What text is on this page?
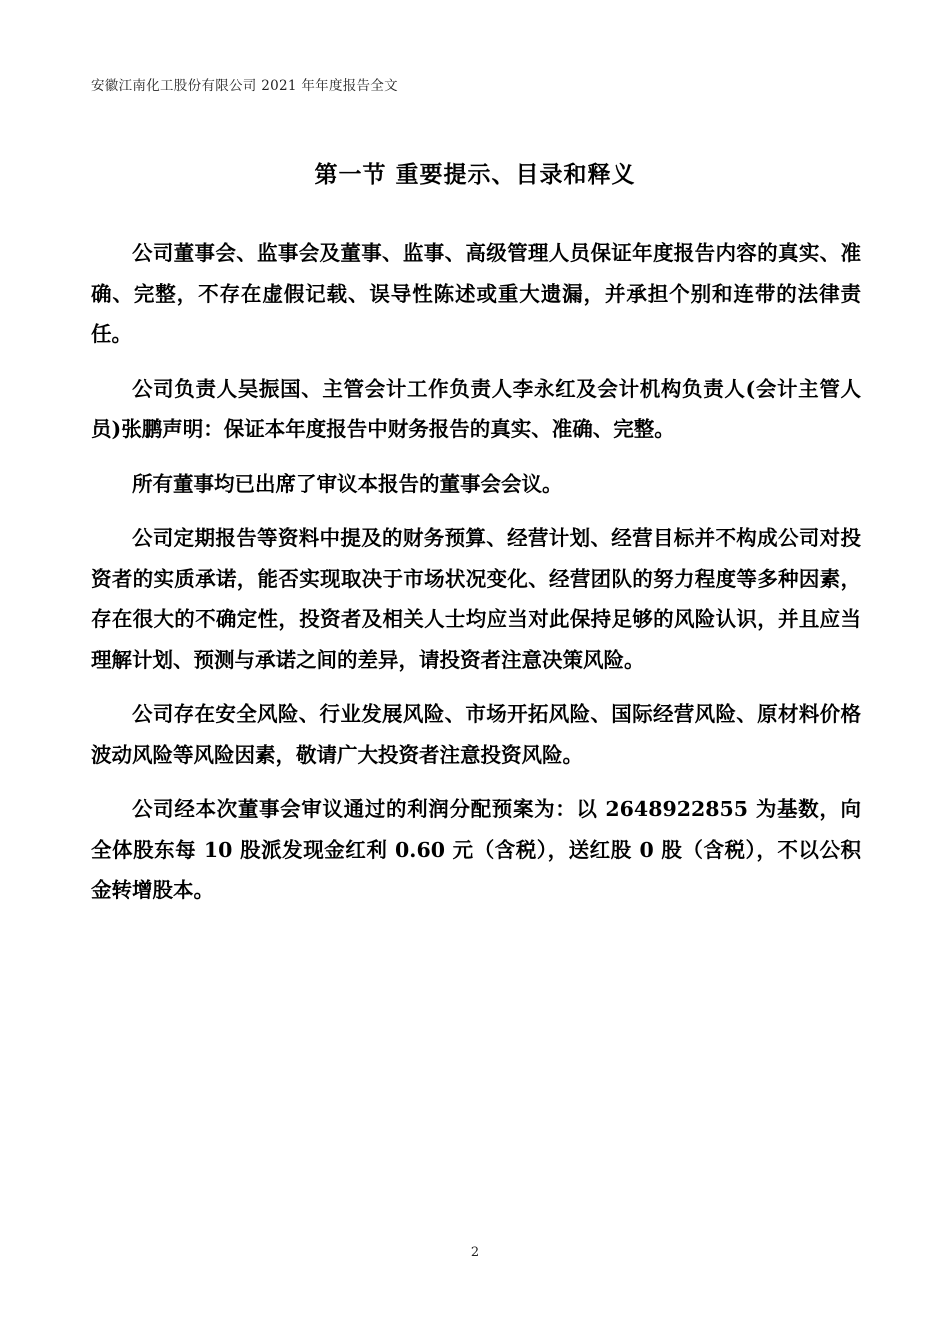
安徽江南化工股份有限公司 2021 年年度报告全文
第一节 重要提示、目录和释义

公司董事会、监事会及董事、监事、高级管理人员保证年度报告内容的真实、准确、完整，不存在虚假记载、误导性陈述或重大遗漏，并承担个别和连带的法律责任。

公司负责人吴振国、主管会计工作负责人李永红及会计机构负责人(会计主管人员)张鹏声明：保证本年度报告中财务报告的真实、准确、完整。

所有董事均已出席了审议本报告的董事会会议。

公司定期报告等资料中提及的财务预算、经营计划、经营目标并不构成公司对投资者的实质承诺，能否实现取决于市场状况变化、经营团队的努力程度等多种因素，存在很大的不确定性，投资者及相关人士均应当对此保持足够的风险认识，并且应当理解计划、预测与承诺之间的差异，请投资者注意决策风险。

公司存在安全风险、行业发展风险、市场开拓风险、国际经营风险、原材料价格波动风险等风险因素，敬请广大投资者注意投资风险。

公司经本次董事会审议通过的利润分配预案为：以 2648922855 为基数，向全体股东每 10 股派发现金红利 0.60 元（含税），送红股 0 股（含税），不以公积金转增股本。

2
